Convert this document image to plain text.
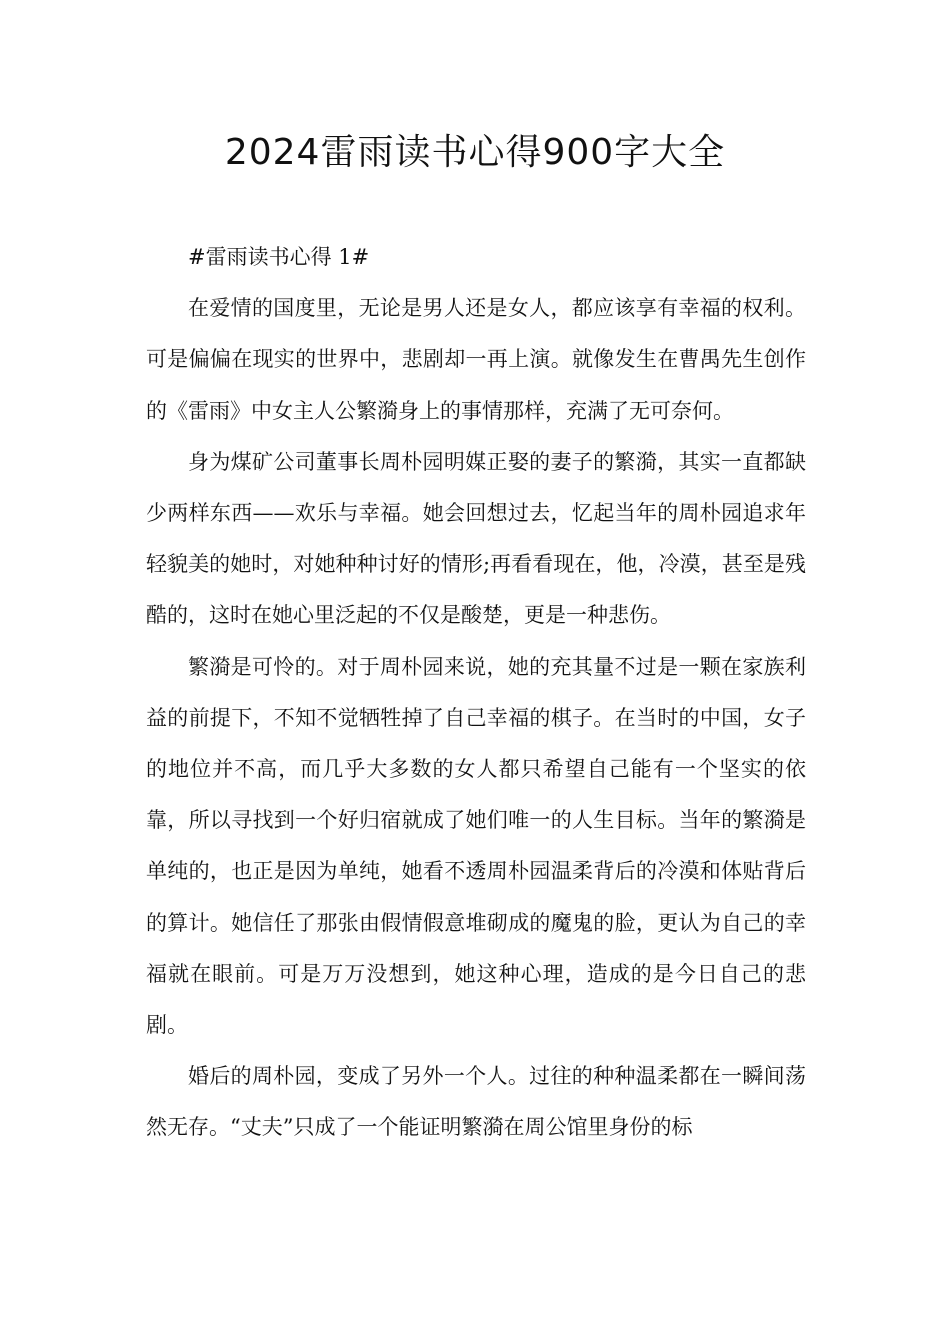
2024雷雨读书心得900字大全

#雷雨读书心得 1#

在爱情的国度里，无论是男人还是女人，都应该享有幸福的权利。可是偏偏在现实的世界中，悲剧却一再上演。就像发生在曹禺先生创作的《雷雨》中女主人公繁漪身上的事情那样，充满了无可奈何。

身为煤矿公司董事长周朴园明媒正娶的妻子的繁漪，其实一直都缺少两样东西——欢乐与幸福。她会回想过去，忆起当年的周朴园追求年轻貌美的她时，对她种种讨好的情形;再看看现在，他，冷漠，甚至是残酷的，这时在她心里泛起的不仅是酸楚，更是一种悲伤。

繁漪是可怜的。对于周朴园来说，她的充其量不过是一颗在家族利益的前提下，不知不觉牺牲掉了自己幸福的棋子。在当时的中国，女子的地位并不高，而几乎大多数的女人都只希望自己能有一个坚实的依靠，所以寻找到一个好归宿就成了她们唯一的人生目标。当年的繁漪是单纯的，也正是因为单纯，她看不透周朴园温柔背后的冷漠和体贴背后的算计。她信任了那张由假情假意堆砌成的魔鬼的脸，更认为自己的幸福就在眼前。可是万万没想到，她这种心理，造成的是今日自己的悲剧。

婚后的周朴园，变成了另外一个人。过往的种种温柔都在一瞬间荡然无存。“丈夫”只成了一个能证明繁漪在周公馆里身份的标
